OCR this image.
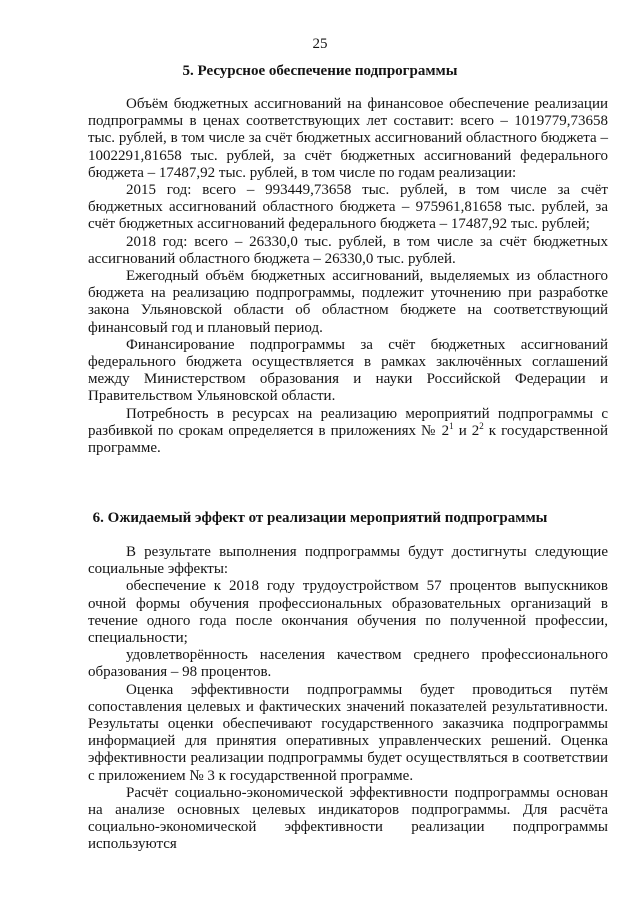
25
5. Ресурсное обеспечение подпрограммы

Объём бюджетных ассигнований на финансовое обеспечение реализации подпрограммы в ценах соответствующих лет составит: всего – 1019779,73658 тыс. рублей, в том числе за счёт бюджетных ассигнований областного бюджета – 1002291,81658 тыс. рублей, за счёт бюджетных ассигнований федерального бюджета – 17487,92 тыс. рублей, в том числе по годам реализации:

2015 год: всего – 993449,73658 тыс. рублей, в том числе за счёт бюджетных ассигнований областного бюджета – 975961,81658 тыс. рублей, за счёт бюджетных ассигнований федерального бюджета – 17487,92 тыс. рублей;

2018 год: всего – 26330,0 тыс. рублей, в том числе за счёт бюджетных ассигнований областного бюджета – 26330,0 тыс. рублей.

Ежегодный объём бюджетных ассигнований, выделяемых из областного бюджета на реализацию подпрограммы, подлежит уточнению при разработке закона Ульяновской области об областном бюджете на соответствующий финансовый год и плановый период.

Финансирование подпрограммы за счёт бюджетных ассигнований федерального бюджета осуществляется в рамках заключённых соглашений между Министерством образования и науки Российской Федерации и Правительством Ульяновской области.

Потребность в ресурсах на реализацию мероприятий подпрограммы с разбивкой по срокам определяется в приложениях № $2^1$ и $2^2$ к государственной программе.

6. Ожидаемый эффект от реализации мероприятий подпрограммы

В результате выполнения подпрограммы будут достигнуты следующие социальные эффекты:

обеспечение к 2018 году трудоустройством 57 процентов выпускников очной формы обучения профессиональных образовательных организаций в течение одного года после окончания обучения по полученной профессии, специальности;

удовлетворённость населения качеством среднего профессионального образования – 98 процентов.

Оценка эффективности подпрограммы будет проводиться путём сопоставления целевых и фактических значений показателей результативности. Результаты оценки обеспечивают государственного заказчика подпрограммы информацией для принятия оперативных управленческих решений. Оценка эффективности реализации подпрограммы будет осуществляться в соответствии с приложением № 3 к государственной программе.

Расчёт социально-экономической эффективности подпрограммы основан на анализе основных целевых индикаторов подпрограммы. Для расчёта социально-экономической эффективности реализации подпрограммы используются
